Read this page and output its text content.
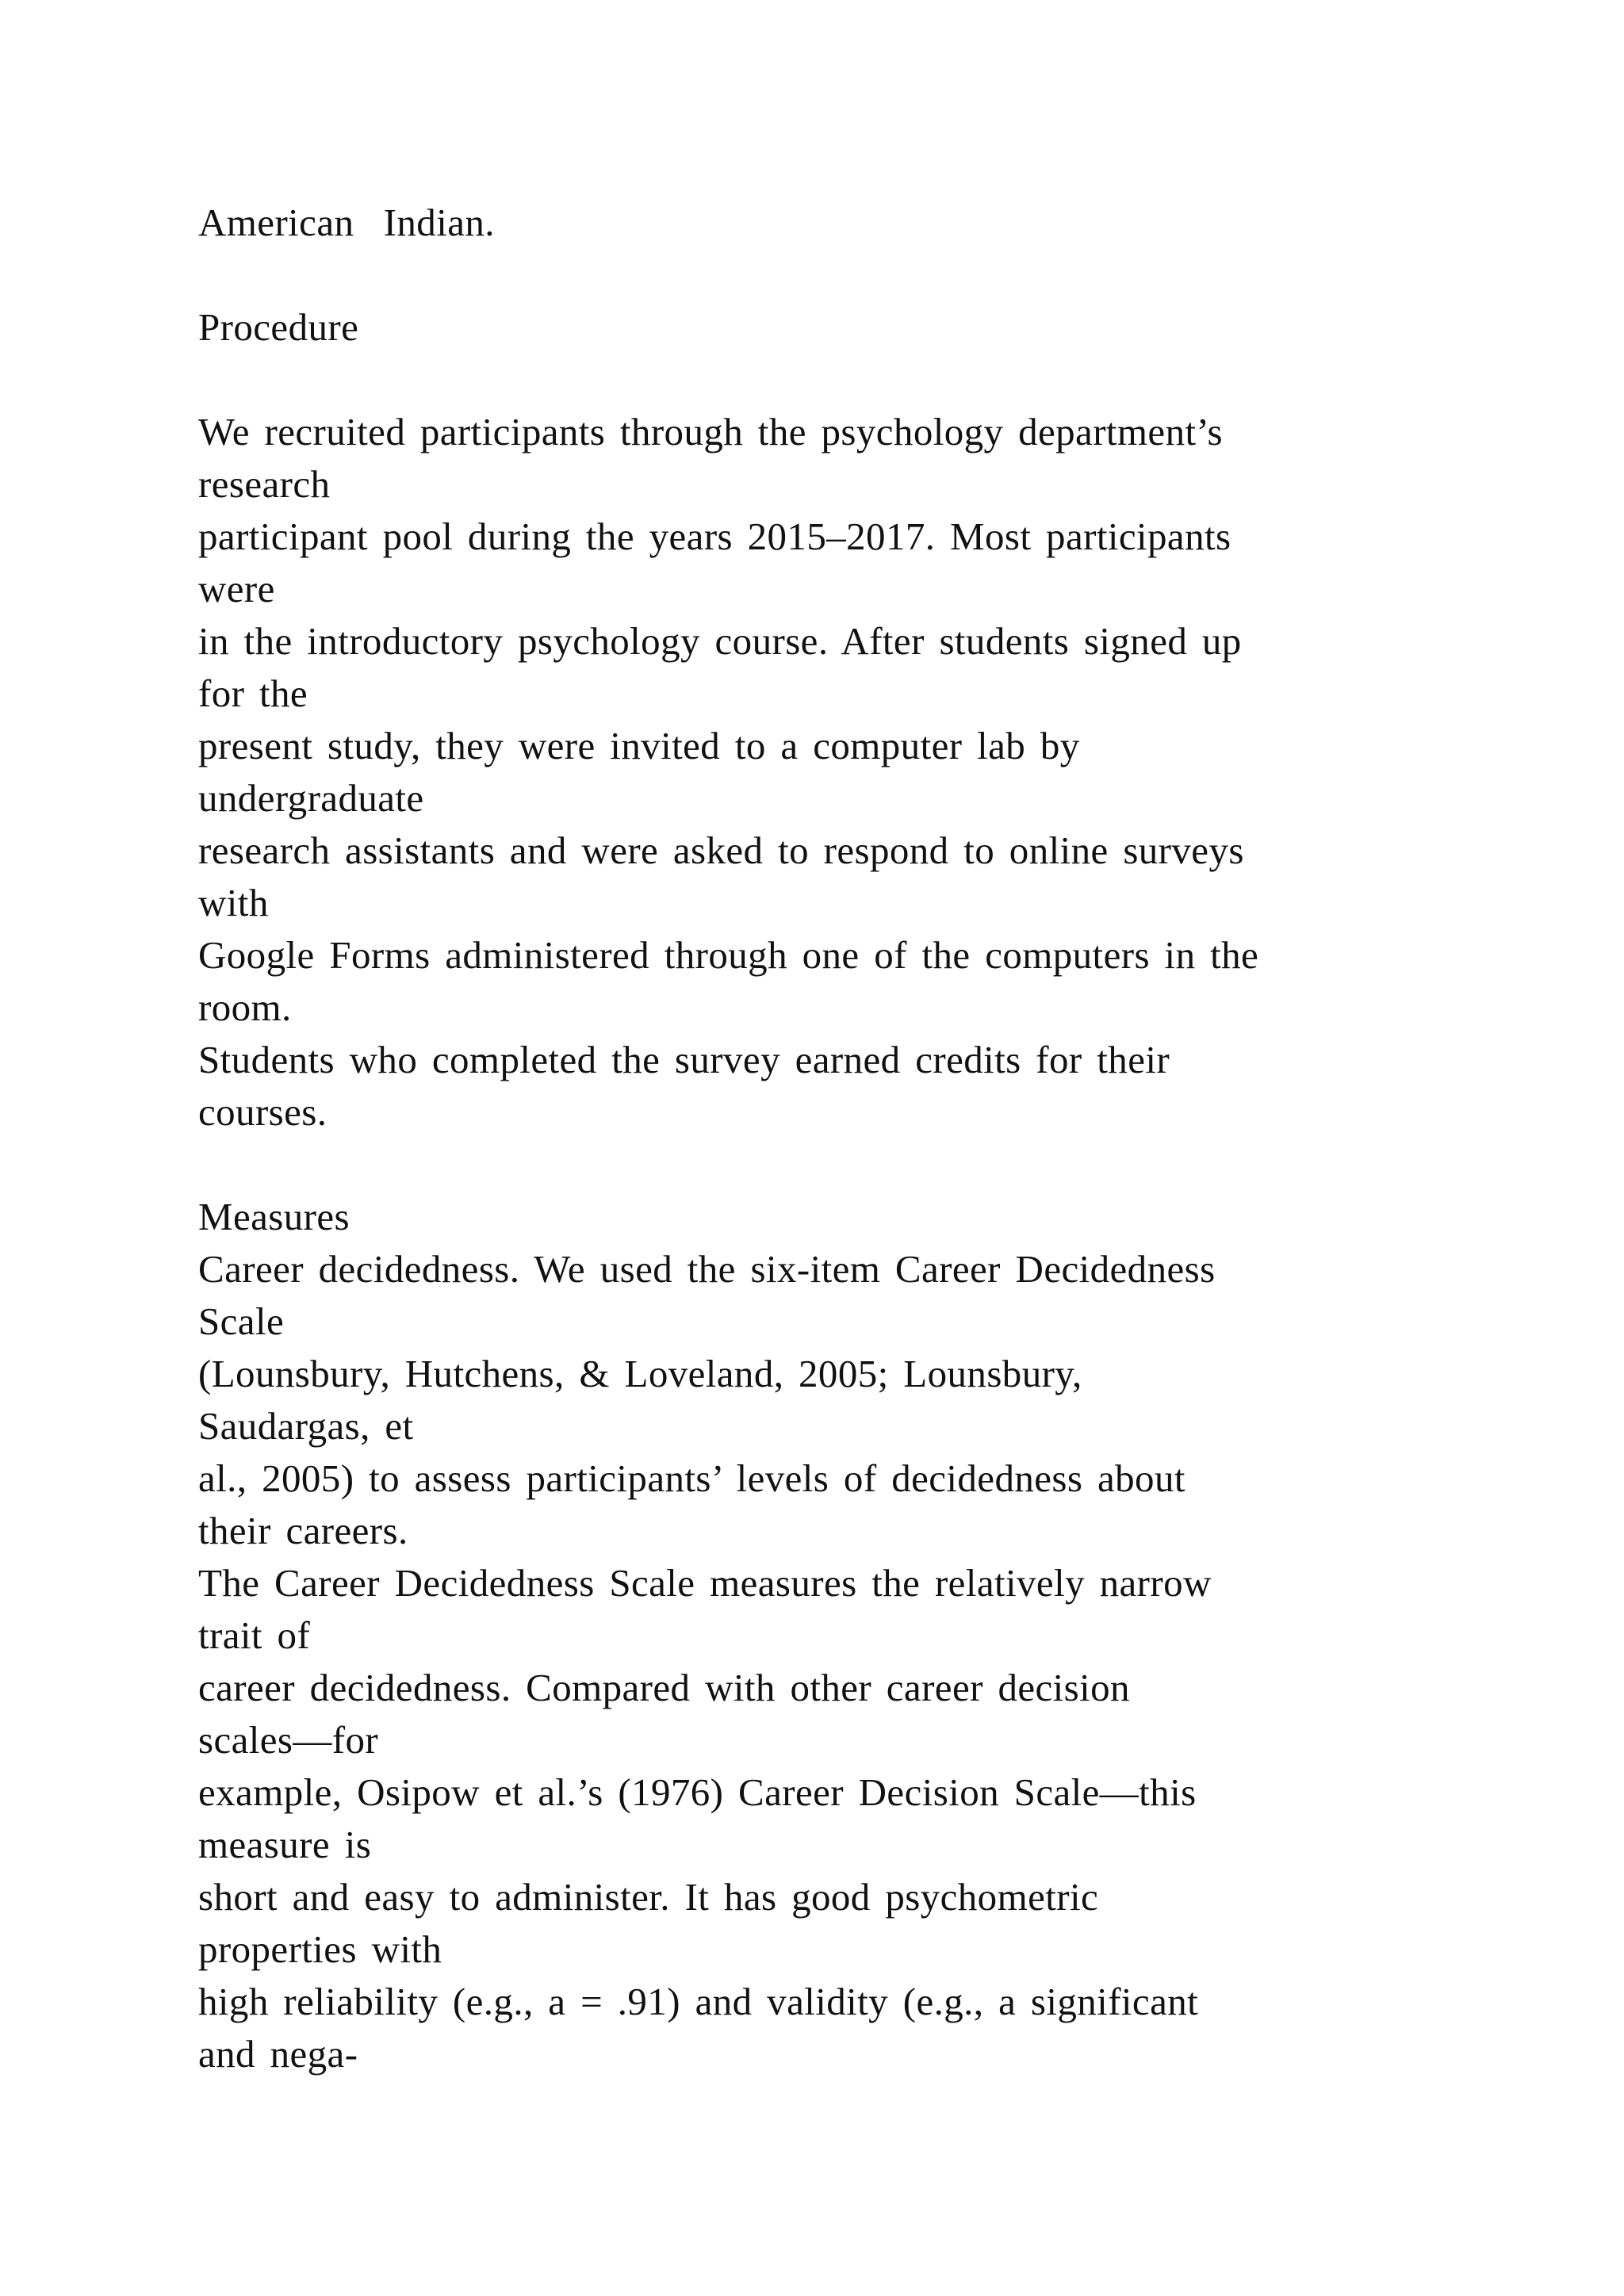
American  Indian.
Procedure
We recruited participants through the psychology department’s
research
participant pool during the years 2015–2017. Most participants
were
in the introductory psychology course. After students signed up
for the
present study, they were invited to a computer lab by
undergraduate
research assistants and were asked to respond to online surveys
with
Google Forms administered through one of the computers in the
room.
Students who completed the survey earned credits for their
courses.
Measures
Career decidedness. We used the six-item Career Decidedness
Scale
(Lounsbury, Hutchens, & Loveland, 2005; Lounsbury,
Saudargas, et
al., 2005) to assess participants’ levels of decidedness about
their careers.
The Career Decidedness Scale measures the relatively narrow
trait of
career decidedness. Compared with other career decision
scales—for
example, Osipow et al.’s (1976) Career Decision Scale—this
measure is
short and easy to administer. It has good psychometric
properties with
high reliability (e.g., a = .91) and validity (e.g., a significant
and nega-
